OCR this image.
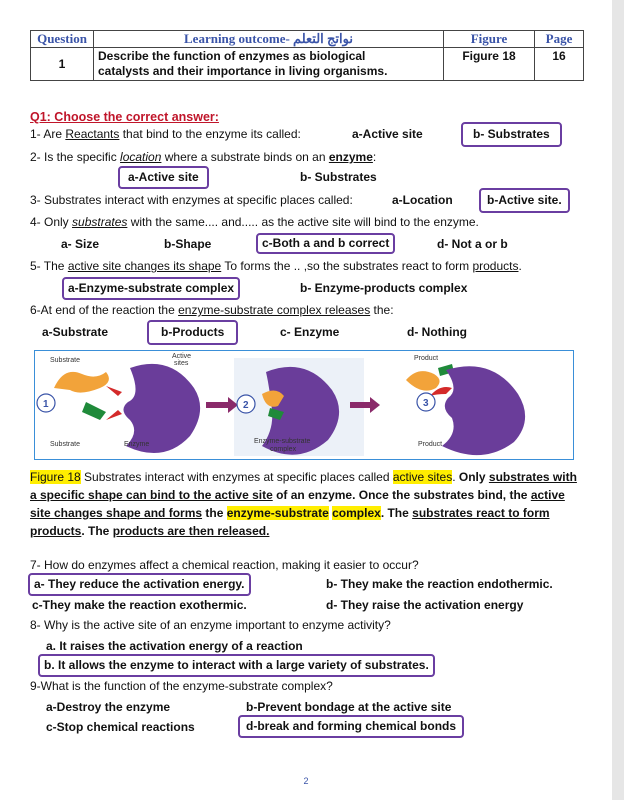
Question	Learning outcome- نواتج التعلم	Figure	Page
1	Describe the function of enzymes as biological
catalysts and their importance in living organisms.	Figure 18	16
Q1: Choose the correct answer:
1- Are Reactants that bind to the enzyme its called:	a-Active site	b- Substrates
2- Is the specific location where a substrate binds on an enzyme:
a-Active site	b- Substrates
3- Substrates interact with enzymes at specific places called:	a-Location	b-Active site.
4- Only substrates with the same.... and..... as the active site will bind to the enzyme.
a- Size	b-Shape	c-Both a and b correct	d- Not a or b
5- The active site changes its shape To forms the .. ,so the substrates react to form products.
a-Enzyme-substrate complex	b- Enzyme-products complex
6-At end of the reaction the enzyme-substrate complex releases the:
a-Substrate	b-Products	c- Enzyme	d- Nothing
Substrate
Active
sites
1
Substrate	Enzyme
2
Enzyme-substrate
complex
Product
3
Product
Figure 18 Substrates interact with enzymes at specific places called active sites. Only substrates with a specific shape can bind to the active site of an enzyme. Once the substrates bind, the active site changes shape and forms the enzyme-substrate complex. The substrates react to form products. The products are then released.
7- How do enzymes affect a chemical reaction, making it easier to occur?
a- They reduce the activation energy.	b- They make the reaction endothermic.
c-They make the reaction exothermic.	d- They raise the activation energy
8- Why is the active site of an enzyme important to enzyme activity?
a. It raises the activation energy of a reaction
b. It allows the enzyme to interact with a large variety of substrates.
9-What is the function of the enzyme-substrate complex?
a-Destroy the enzyme	b-Prevent bondage at the active site
c-Stop chemical reactions	d-break and forming chemical bonds
2
